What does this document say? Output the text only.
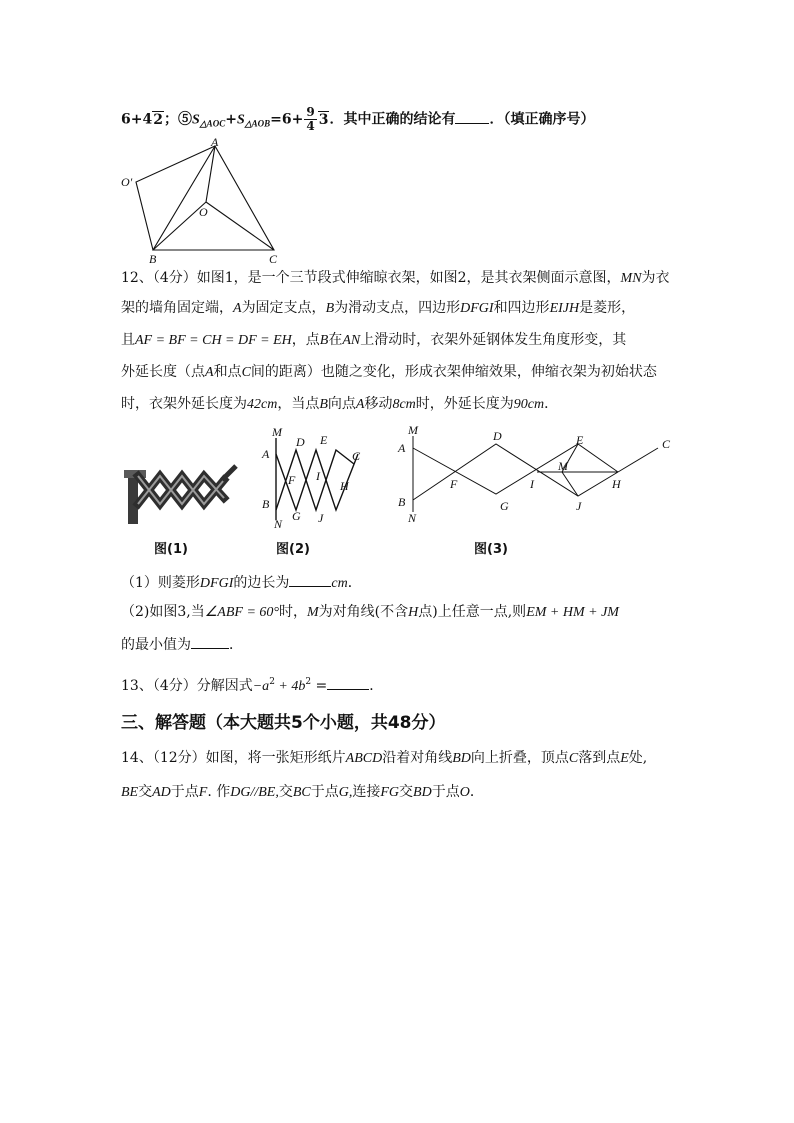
6+42；$⑤S_{\triangle AOC}+S_{\triangle AOB}=6+ \frac{9}{4} 3$．其中正确的结论有 ．（填正确序号）
A
O′
O
B	C
12、（4分）如图1，是一个三节段式伸缩晾衣架，如图2，是其衣架侧面示意图，MN为衣
架的墙角固定端，A为固定支点，B为滑动支点，四边形DFGI和四边形EIJH是菱形，
且AF = BF = CH = DF = EH，点B在AN上滑动时，衣架外延钢体发生角度形变，其
外延长度（点A和点C间的距离）也随之变化，形成衣架伸缩效果，伸缩衣架为初始状态
时，衣架外延长度为42cm，当点B向点A移动8cm时，外延长度为90cm．
M
A
D E
C
F I
H
B
G J
N
M
A
D	E	C
M
F	I	H
B
N
G	J
图(1)	图(2)	图(3)
（1）则菱形DFGI的边长为	cm．
（2)如图3,当∠ABF = 60°时，M为对角线(不含H点)上任意一点,则EM + HM + JM
的最小值为	．
13、（4分）分解因式$-a^2 + 4b^2$ =	．
三、解答题（本大题共5个小题，共48分）
14、（12分）如图，将一张矩形纸片ABCD沿着对角线BD向上折叠，顶点C落到点E处,
BE交AD于点F. 作DG//BE,交BC于点G,连接FG交BD于点O．
